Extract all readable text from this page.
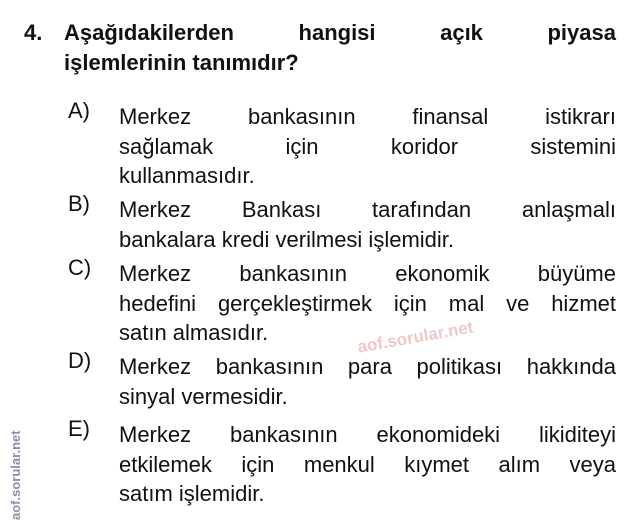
4. Aşağıdakilerden hangisi açık piyasa
işlemlerinin tanımıdır?
A) Merkez bankasının finansal istikrarı
sağlamak için koridor sistemini
kullanmasıdır.
B) Merkez Bankası tarafından anlaşmalı
bankalara kredi verilmesi işlemidir.
C) Merkez bankasının ekonomik büyüme
hedefini gerçekleştirmek için mal ve hizmet
satın almasıdır.
D) Merkez bankasının para politikası hakkında
sinyal vermesidir.
E) Merkez bankasının ekonomideki likiditeyi
etkilemek için menkul kıymet alım veya
satım işlemidir.
aof.sorular.net
aof.sorular.net
